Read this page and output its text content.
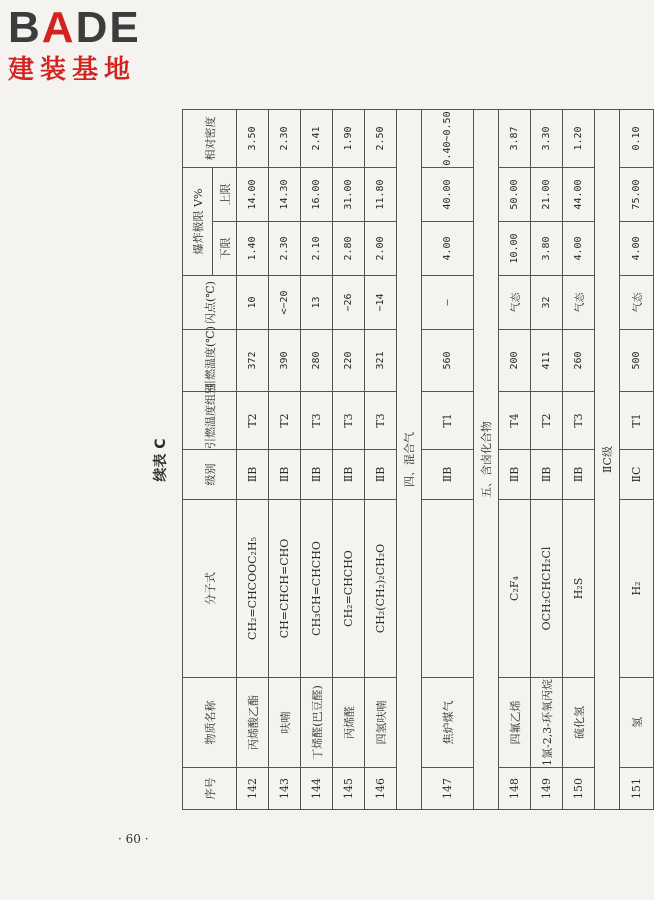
BADE
建装基地
续表 C
序号	物质名称	分子式	级别	引燃温度组别	引燃温度(℃)	闪点(℃)	爆炸极限 V%		相对密度
							下限	上限	
142	丙烯酸乙酯	CH₂=CHCOOC₂H₅	ⅡB	T2	372	10	1.40	14.00	3.50
143	呋喃	CH=CHCH=CHO	ⅡB	T2	390	<−20	2.30	14.30	2.30
144	丁烯醛(巴豆醛)	CH₃CH=CHCHO	ⅡB	T3	280	13	2.10	16.00	2.41
145	丙烯醛	CH₂=CHCHO	ⅡB	T3	220	−26	2.80	31.00	1.90
146	四氢呋喃	CH₂(CH₂)₂CH₂O	ⅡB	T3	321	−14	2.00	11.80	2.50
四、混合气									
147	焦炉煤气		ⅡB	T1	560	—	4.00	40.00	0.40~0.50
五、含卤化合物									
148	四氟乙烯	C₂F₄	ⅡB	T4	200	气态	10.00	50.00	3.87
149	1氯-2,3-环氧丙烷	OCH₂CHCH₂Cl	ⅡB	T2	411	32	3.80	21.00	3.30
150	硫化氢	H₂S	ⅡB	T3	260	气态	4.00	44.00	1.20
ⅡC级									
151	氢	H₂	ⅡC	T1	500	气态	4.00	75.00	0.10
· 60 ·
